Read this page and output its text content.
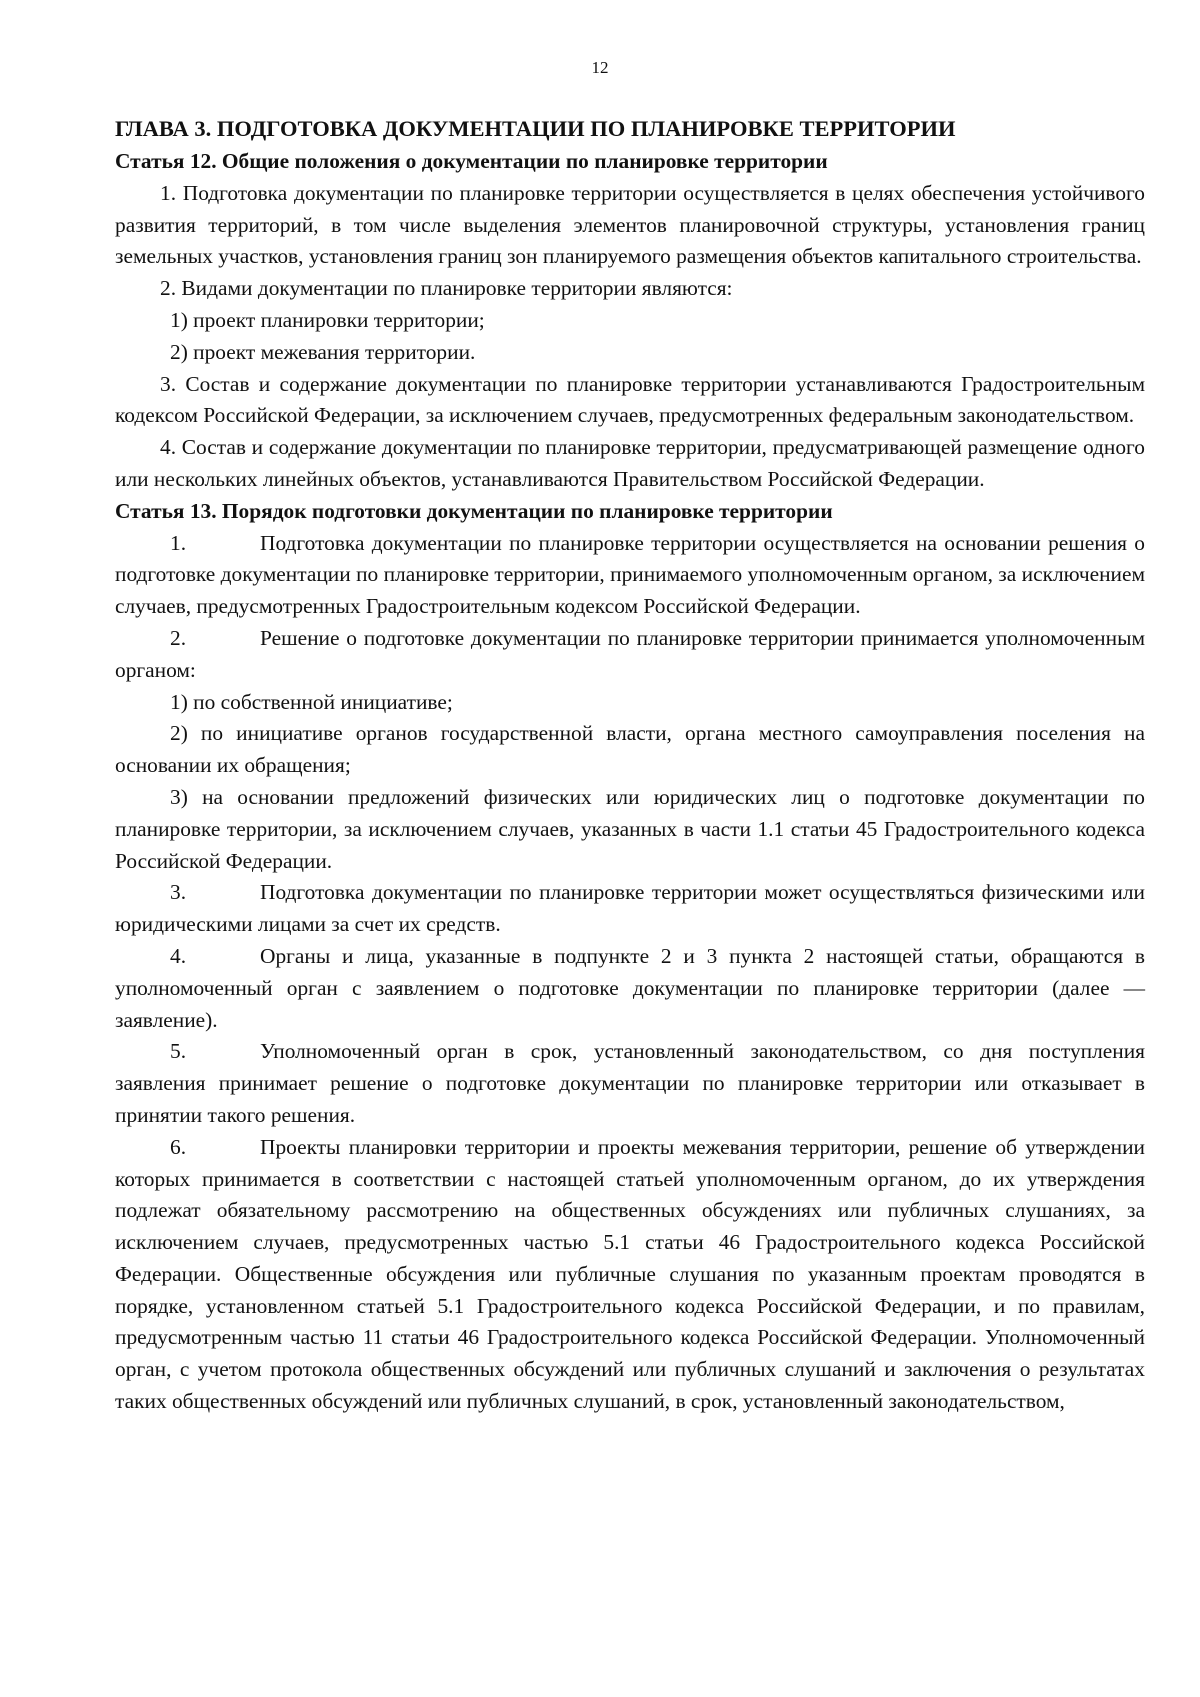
12
ГЛАВА 3. ПОДГОТОВКА ДОКУМЕНТАЦИИ ПО ПЛАНИРОВКЕ ТЕРРИТОРИИ
Статья 12. Общие положения о документации по планировке территории

1. Подготовка документации по планировке территории осуществляется в целях обеспечения устойчивого развития территорий, в том числе выделения элементов планировочной структуры, установления границ земельных участков, установления границ зон планируемого размещения объектов капитального строительства.

2. Видами документации по планировке территории являются:

1) проект планировки территории;

2) проект межевания территории.

3. Состав и содержание документации по планировке территории устанавливаются Градостроительным кодексом Российской Федерации, за исключением случаев, предусмотренных федеральным законодательством.

4. Состав и содержание документации по планировке территории, предусматривающей размещение одного или нескольких линейных объектов, устанавливаются Правительством Российской Федерации.

Статья 13. Порядок подготовки документации по планировке территории

1.	Подготовка документации по планировке территории осуществляется на основании решения о подготовке документации по планировке территории, принимаемого уполномоченным органом, за исключением случаев, предусмотренных Градостроительным кодексом Российской Федерации.

2.	Решение о подготовке документации по планировке территории принимается уполномоченным органом:

1) по собственной инициативе;

2) по инициативе органов государственной власти, органа местного самоуправления поселения на основании их обращения;

3) на основании предложений физических или юридических лиц о подготовке документации по планировке территории, за исключением случаев, указанных в части 1.1 статьи 45 Градостроительного кодекса Российской Федерации.

3.	Подготовка документации по планировке территории может осуществляться физическими или юридическими лицами за счет их средств.

4.	Органы и лица, указанные в подпункте 2 и 3 пункта 2 настоящей статьи, обращаются в уполномоченный орган с заявлением о подготовке документации по планировке территории (далее — заявление).

5.	Уполномоченный орган в срок, установленный законодательством, со дня поступления заявления принимает решение о подготовке документации по планировке территории или отказывает в принятии такого решения.

6.	Проекты планировки территории и проекты межевания территории, решение об утверждении которых принимается в соответствии с настоящей статьей уполномоченным органом, до их утверждения подлежат обязательному рассмотрению на общественных обсуждениях или публичных слушаниях, за исключением случаев, предусмотренных частью 5.1 статьи 46 Градостроительного кодекса Российской Федерации. Общественные обсуждения или публичные слушания по указанным проектам проводятся в порядке, установленном статьей 5.1 Градостроительного кодекса Российской Федерации, и по правилам, предусмотренным частью 11 статьи 46 Градостроительного кодекса Российской Федерации. Уполномоченный орган, с учетом протокола общественных обсуждений или публичных слушаний и заключения о результатах таких общественных обсуждений или публичных слушаний, в срок, установленный законодательством,
